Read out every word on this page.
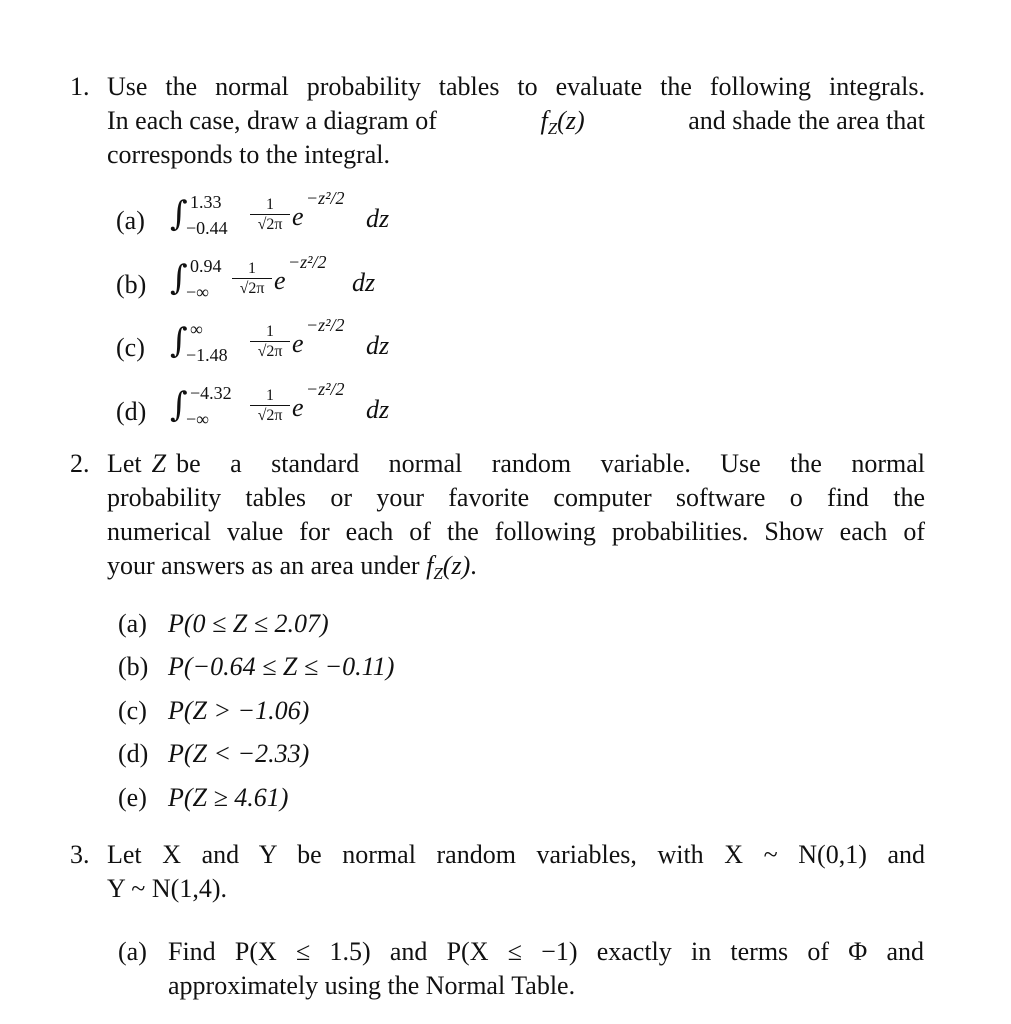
1. Use the normal probability tables to evaluate the following integrals.
In each case, draw a diagram of	$f_Z(z)$	and shade the area that
corresponds to the integral.
(a) ∫ 1.33
$-0.44 \frac{1}{√2\pi}$ e
−z²/2
dz
(b) ∫ 0.94
−∞ $\frac{1}{√2\pi}$ e
−z²/2
dz
(c) ∫ ∞
$-1.48 \frac{1}{√2\pi}$ e
−z²/2
dz
(d) ∫ −4.32
−∞	$\frac{1}{√2\pi}$ e
−z²/2
dz
2. Let Z be a standard normal random variable. Use the normal
probability tables or your favorite computer software o find the
numerical value for each of the following probabilities. Show each of
your answers as an area under $f_Z(z)$.
(a) P(0 ≤ Z ≤ 2.07)
(b) P(−0.64 ≤ Z ≤ −0.11)
(c) P(Z > −1.06)
(d) P(Z < −2.33)
(e) P(Z ≥ 4.61)
3. Let X and Y be normal random variables, with X ~ N(0,1) and
Y ~ N(1,4).
(a) Find P(X ≤ 1.5) and P(X ≤ −1) exactly in terms of Φ and
approximately using the Normal Table.
